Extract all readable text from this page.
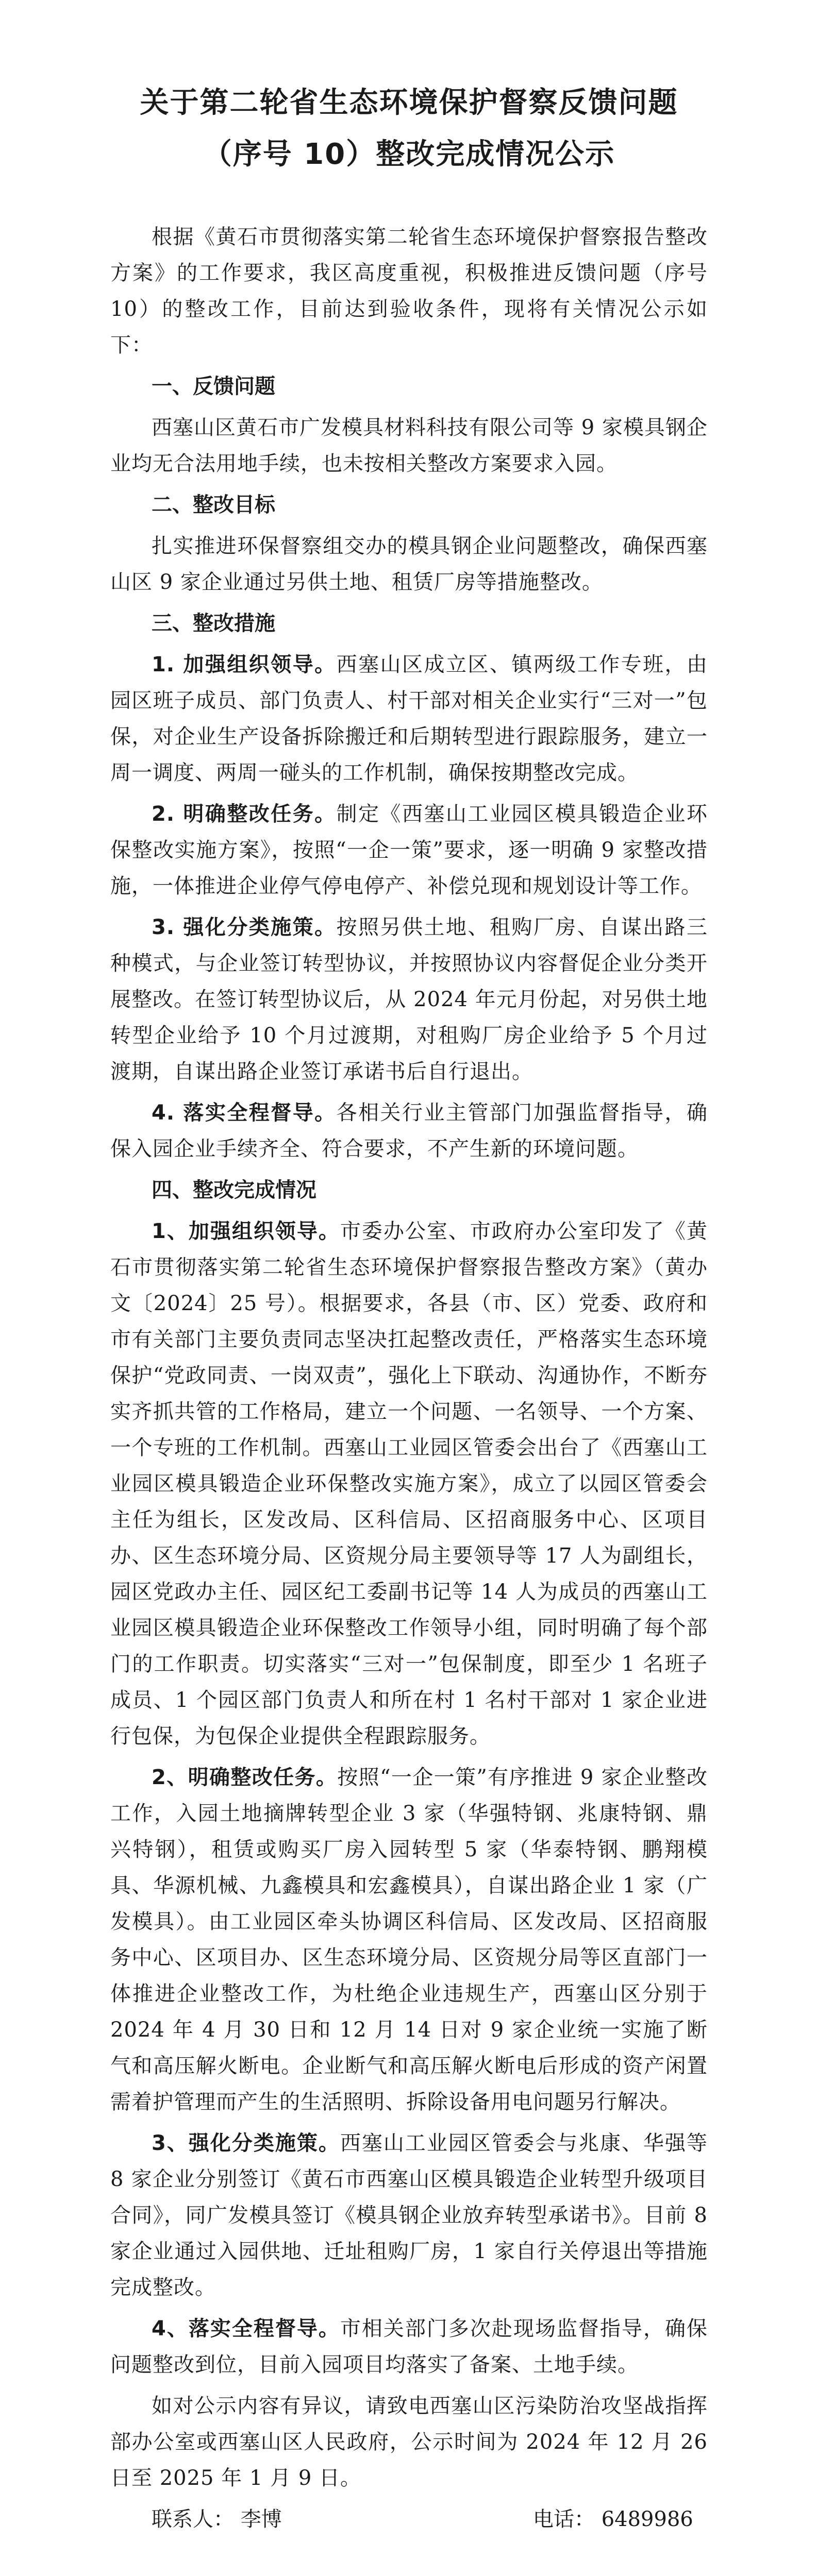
关于第二轮省生态环境保护督察反馈问题
（序号 10）整改完成情况公示

根据《黄石市贯彻落实第二轮省生态环境保护督察报告整改方案》的工作要求，我区高度重视，积极推进反馈问题（序号 10）的整改工作，目前达到验收条件，现将有关情况公示如下：

一、反馈问题

西塞山区黄石市广发模具材料科技有限公司等 9 家模具钢企业均无合法用地手续，也未按相关整改方案要求入园。

二、整改目标

扎实推进环保督察组交办的模具钢企业问题整改，确保西塞山区 9 家企业通过另供土地、租赁厂房等措施整改。

三、整改措施

1. 加强组织领导。西塞山区成立区、镇两级工作专班，由园区班子成员、部门负责人、村干部对相关企业实行“三对一”包保，对企业生产设备拆除搬迁和后期转型进行跟踪服务，建立一周一调度、两周一碰头的工作机制，确保按期整改完成。

2. 明确整改任务。制定《西塞山工业园区模具锻造企业环保整改实施方案》，按照“一企一策”要求，逐一明确 9 家整改措施，一体推进企业停气停电停产、补偿兑现和规划设计等工作。

3. 强化分类施策。按照另供土地、租购厂房、自谋出路三种模式，与企业签订转型协议，并按照协议内容督促企业分类开展整改。在签订转型协议后，从 2024 年元月份起，对另供土地转型企业给予 10 个月过渡期，对租购厂房企业给予 5 个月过渡期，自谋出路企业签订承诺书后自行退出。

4. 落实全程督导。各相关行业主管部门加强监督指导，确保入园企业手续齐全、符合要求，不产生新的环境问题。

四、整改完成情况

1、加强组织领导。市委办公室、市政府办公室印发了《黄石市贯彻落实第二轮省生态环境保护督察报告整改方案》（黄办文〔2024〕25 号）。根据要求，各县（市、区）党委、政府和市有关部门主要负责同志坚决扛起整改责任，严格落实生态环境保护“党政同责、一岗双责”，强化上下联动、沟通协作，不断夯实齐抓共管的工作格局，建立一个问题、一名领导、一个方案、一个专班的工作机制。西塞山工业园区管委会出台了《西塞山工业园区模具锻造企业环保整改实施方案》，成立了以园区管委会主任为组长，区发改局、区科信局、区招商服务中心、区项目办、区生态环境分局、区资规分局主要领导等 17 人为副组长，园区党政办主任、园区纪工委副书记等 14 人为成员的西塞山工业园区模具锻造企业环保整改工作领导小组，同时明确了每个部门的工作职责。切实落实“三对一”包保制度，即至少 1 名班子成员、1 个园区部门负责人和所在村 1 名村干部对 1 家企业进行包保，为包保企业提供全程跟踪服务。

2、明确整改任务。按照“一企一策”有序推进 9 家企业整改工作，入园土地摘牌转型企业 3 家（华强特钢、兆康特钢、鼎兴特钢），租赁或购买厂房入园转型 5 家（华泰特钢、鹏翔模具、华源机械、九鑫模具和宏鑫模具），自谋出路企业 1 家（广发模具）。由工业园区牵头协调区科信局、区发改局、区招商服务中心、区项目办、区生态环境分局、区资规分局等区直部门一体推进企业整改工作，为杜绝企业违规生产，西塞山区分别于 2024 年 4 月 30 日和 12 月 14 日对 9 家企业统一实施了断气和高压解火断电。企业断气和高压解火断电后形成的资产闲置需着护管理而产生的生活照明、拆除设备用电问题另行解决。

3、强化分类施策。西塞山工业园区管委会与兆康、华强等 8 家企业分别签订《黄石市西塞山区模具锻造企业转型升级项目合同》，同广发模具签订《模具钢企业放弃转型承诺书》。目前 8 家企业通过入园供地、迁址租购厂房，1 家自行关停退出等措施完成整改。

4、落实全程督导。市相关部门多次赴现场监督指导，确保问题整改到位，目前入园项目均落实了备案、土地手续。

如对公示内容有异议，请致电西塞山区污染防治攻坚战指挥部办公室或西塞山区人民政府，公示时间为 2024 年 12 月 26 日至 2025 年 1 月 9 日。

联系人： 李博	电话： 6489986
